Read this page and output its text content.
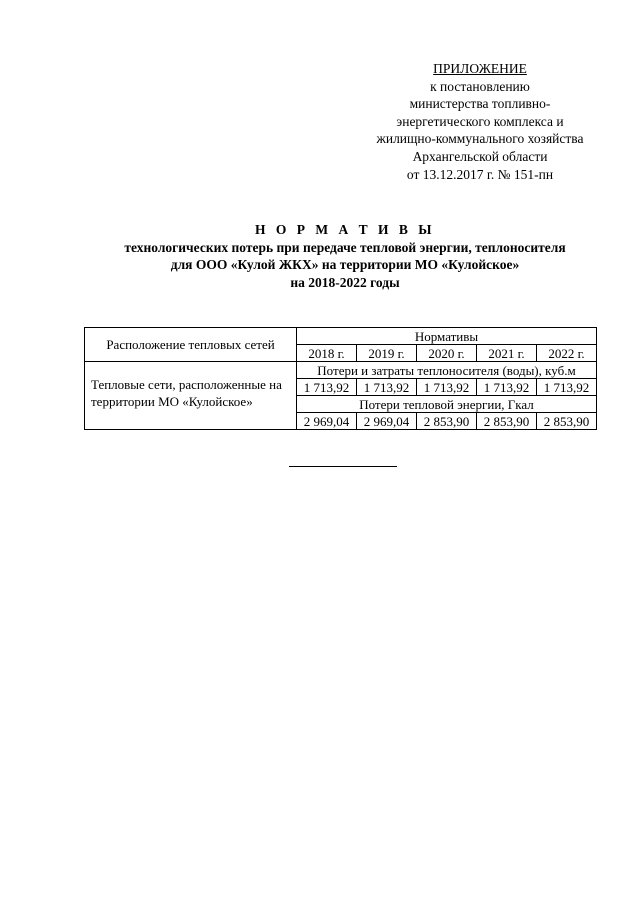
ПРИЛОЖЕНИЕ
к постановлению
министерства топливно-
энергетического комплекса и
жилищно-коммунального хозяйства
Архангельской области
от 13.12.2017 г. № 151-пн
Н О Р М А Т И В Ы
технологических потерь при передаче тепловой энергии, теплоносителя
для ООО «Кулой ЖКХ» на территории МО «Кулойское»
на 2018-2022 годы
Расположение тепловых сетей	Нормативы				
	2018 г.	2019 г.	2020 г.	2021 г.	2022 г.
Тепловые сети, расположенные на территории МО «Кулойское»	Потери и затраты теплоносителя (воды), куб.м				
	1 713,92	1 713,92	1 713,92	1 713,92	1 713,92
	Потери тепловой энергии, Гкал				
	2 969,04	2 969,04	2 853,90	2 853,90	2 853,90
